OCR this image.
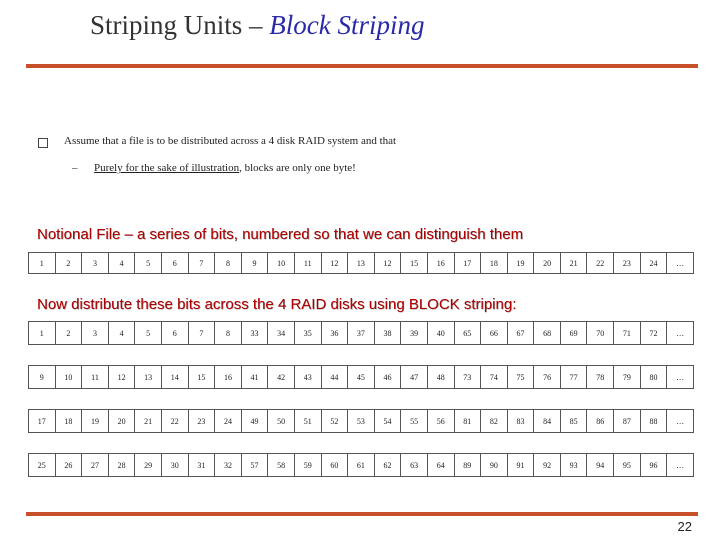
Striping Units – Block Striping
Assume that a file is to be distributed across a 4 disk RAID system and that
– Purely for the sake of illustration, blocks are only one byte!
Notional File – a series of bits, numbered so that we can distinguish them
1	2	3	4	5	6	7	8	9	10	11	12	13	12	15	16	17	18	19	20	21	22	23	24	…
Now distribute these bits across the 4 RAID disks using BLOCK striping:
1	2	3	4	5	6	7	8	33	34	35	36	37	38	39	40	65	66	67	68	69	70	71	72	…

9	10	11	12	13	14	15	16	41	42	43	44	45	46	47	48	73	74	75	76	77	78	79	80	…

17	18	19	20	21	22	23	24	49	50	51	52	53	54	55	56	81	82	83	84	85	86	87	88	…

25	26	27	28	29	30	31	32	57	58	59	60	61	62	63	64	89	90	91	92	93	94	95	96	…
22
